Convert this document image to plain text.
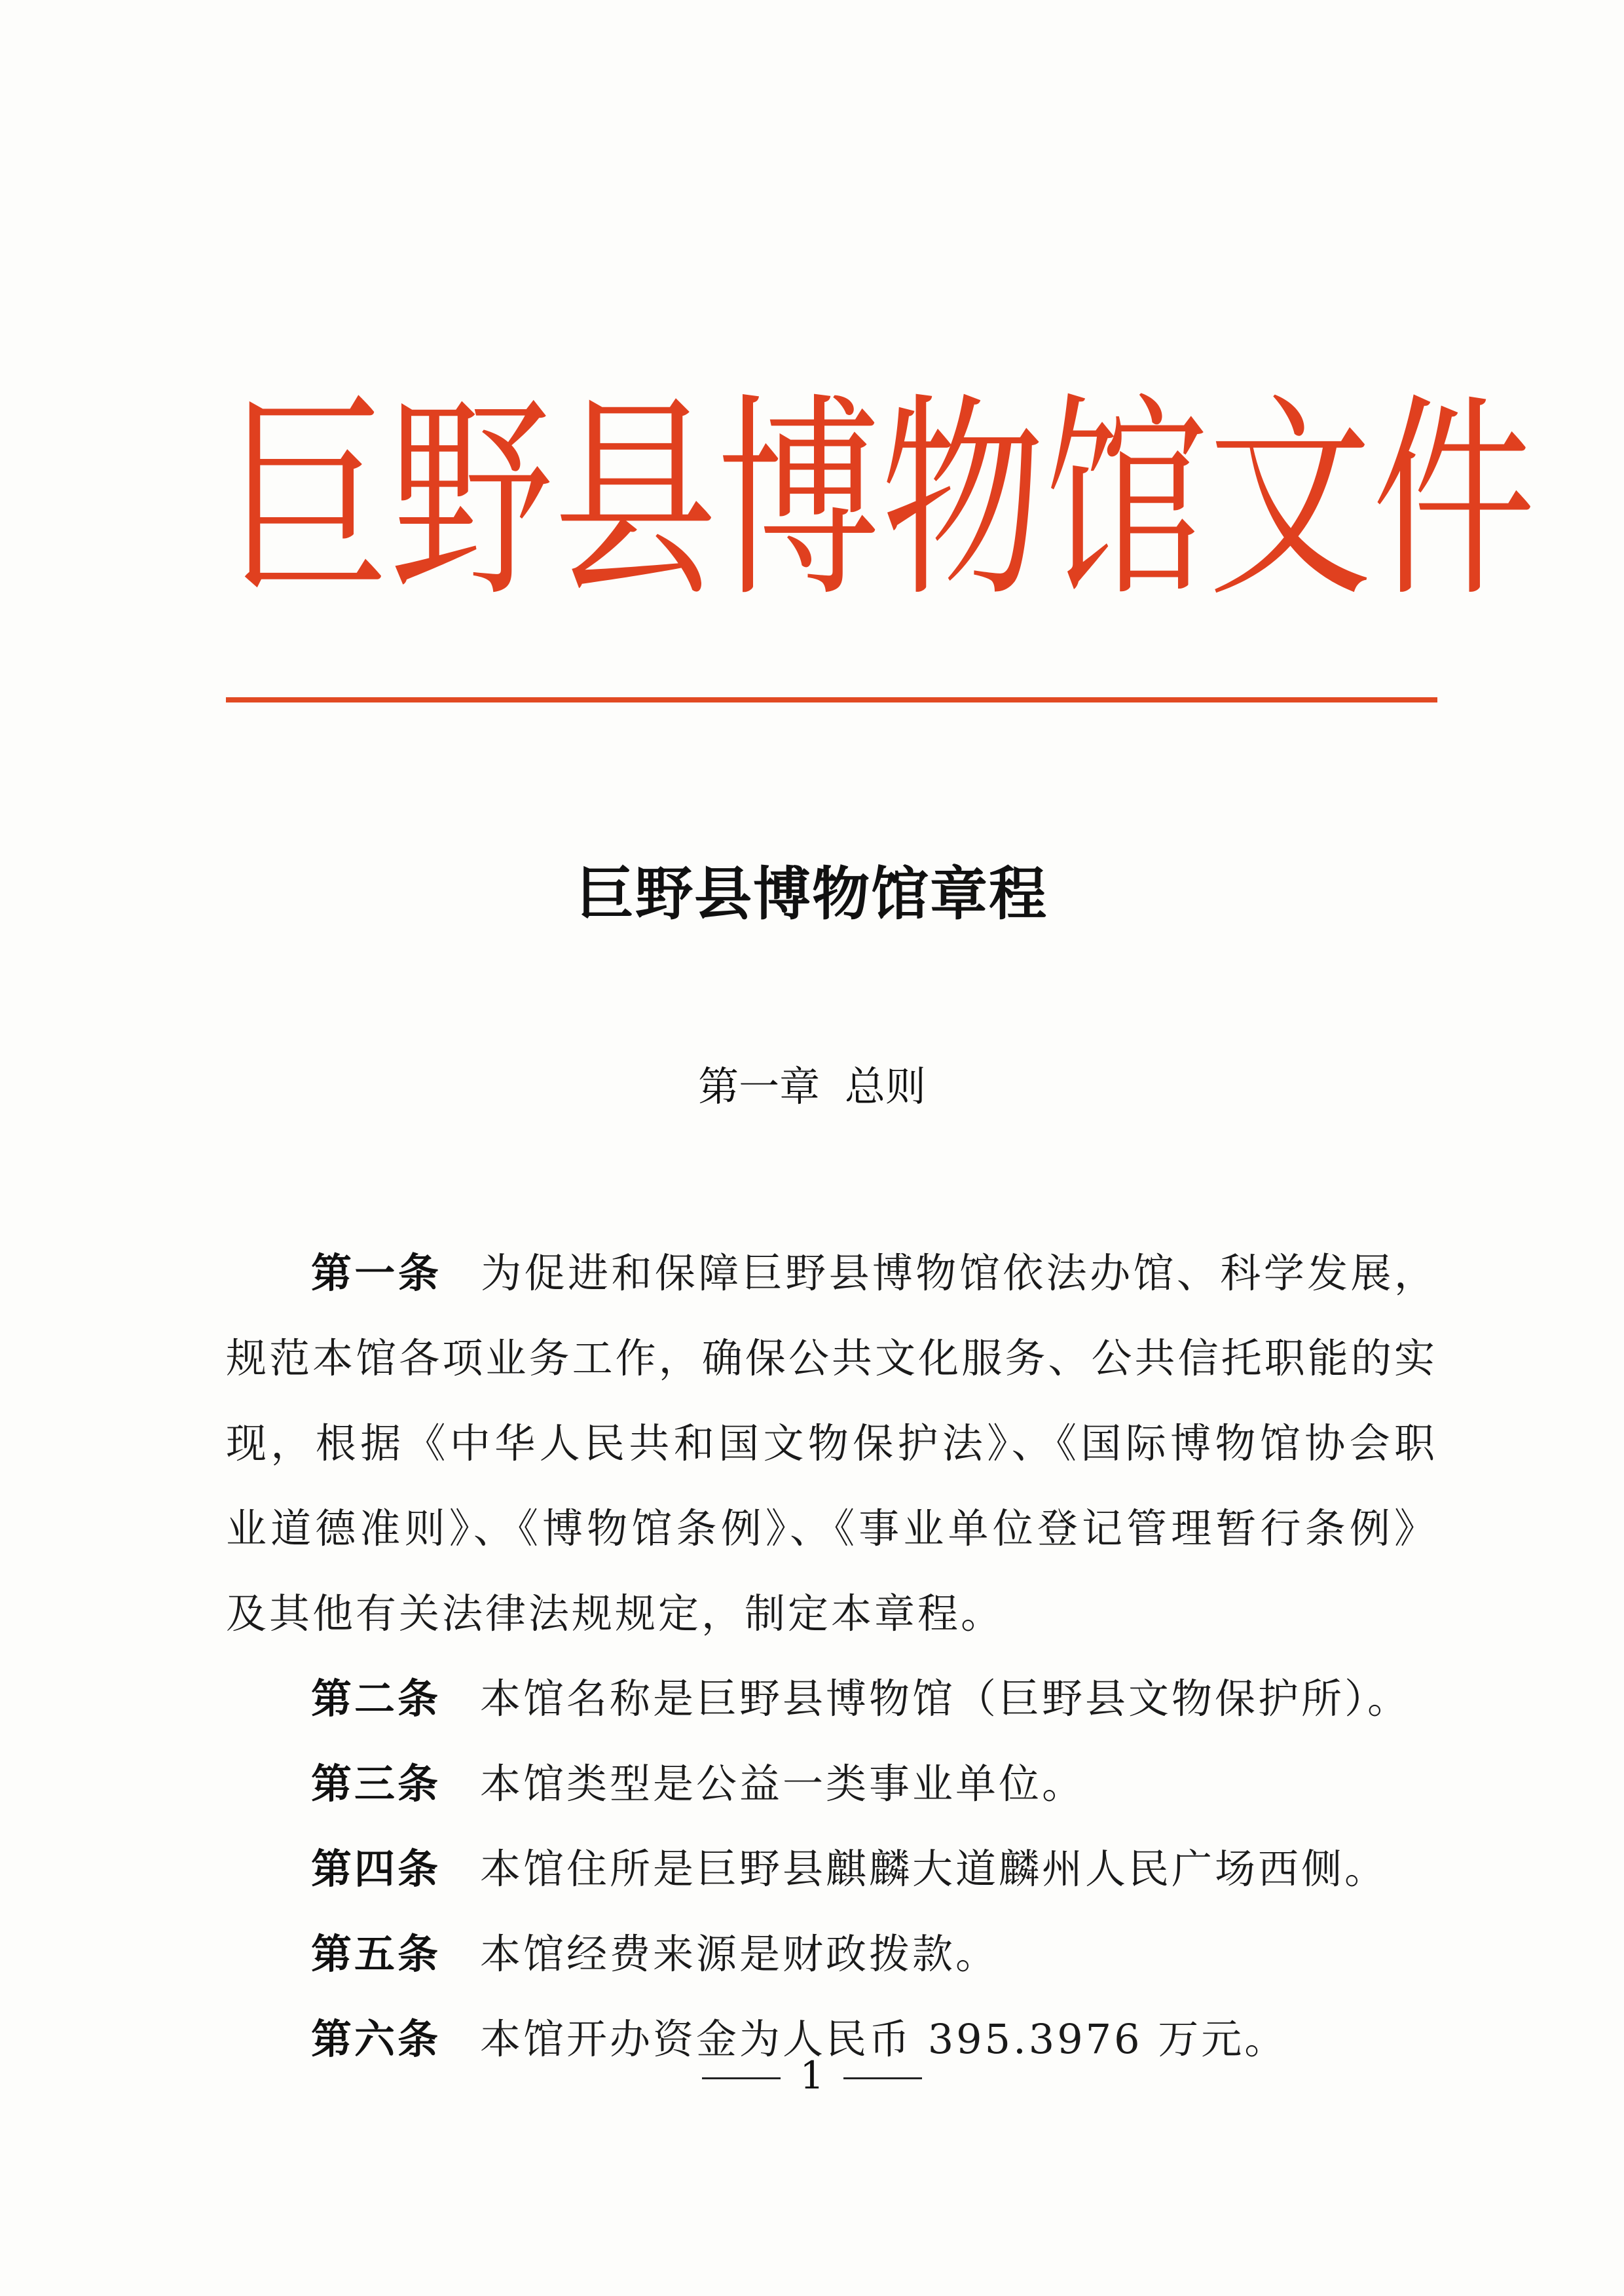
巨 野 县 博 物 馆 文 件
巨野县博物馆章程
第一章 总则

第一条 为促进和保障巨野县博物馆依法办馆、科学发展，规范本馆各项业务工作，确保公共文化服务、公共信托职能的实现，根据《中华人民共和国文物保护法》、《国际博物馆协会职业道德准则》、《博物馆条例》、《事业单位登记管理暂行条例》及其他有关法律法规规定，制定本章程。

第二条 本馆名称是巨野县博物馆（巨野县文物保护所）。

第三条 本馆类型是公益一类事业单位。

第四条 本馆住所是巨野县麒麟大道麟州人民广场西侧。

第五条 本馆经费来源是财政拨款。

第六条 本馆开办资金为人民币 395.3976 万元。

1
